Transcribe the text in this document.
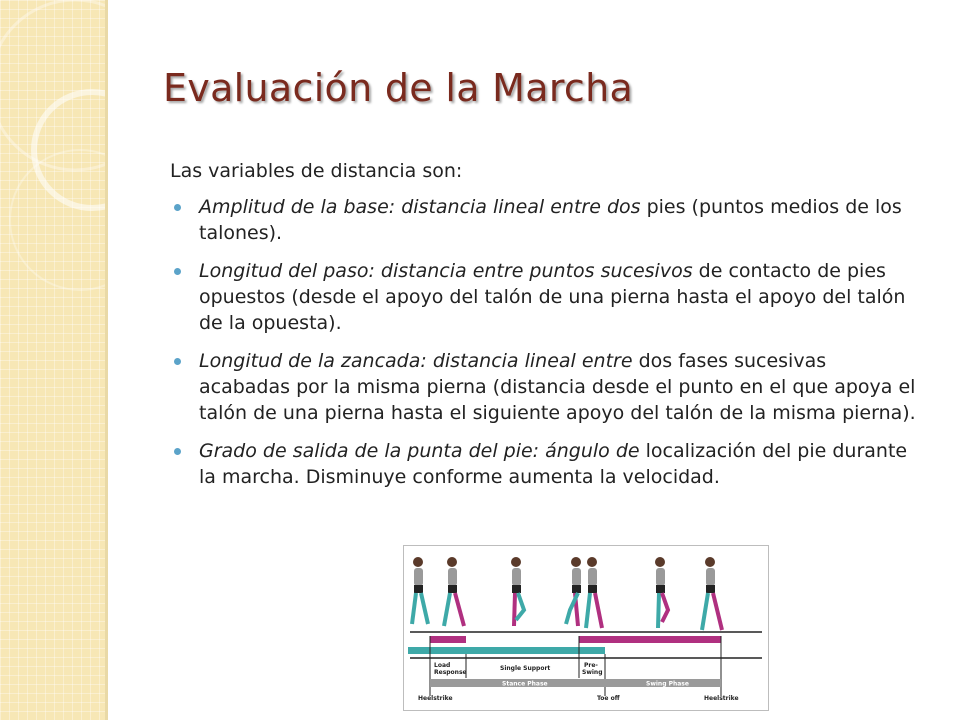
Evaluación de la Marcha

Las variables de distancia son:

Amplitud de la base: distancia lineal entre dos pies (puntos medios de los talones).
Longitud del paso: distancia entre puntos sucesivos de contacto de pies opuestos (desde el apoyo del talón de una pierna hasta el apoyo del talón de la opuesta).
Longitud de la zancada: distancia lineal entre dos fases sucesivas acabadas por la misma pierna (distancia desde el punto en el que apoya el talón de una pierna hasta el siguiente apoyo del talón de la misma pierna).
Grado de salida de la punta del pie: ángulo de localización del pie durante la marcha. Disminuye conforme aumenta la velocidad.
Load
Response
Single Support	Pre-
Swing
Stance Phase	Swing Phase
Heelstrike	Toe off	Heelstrike
